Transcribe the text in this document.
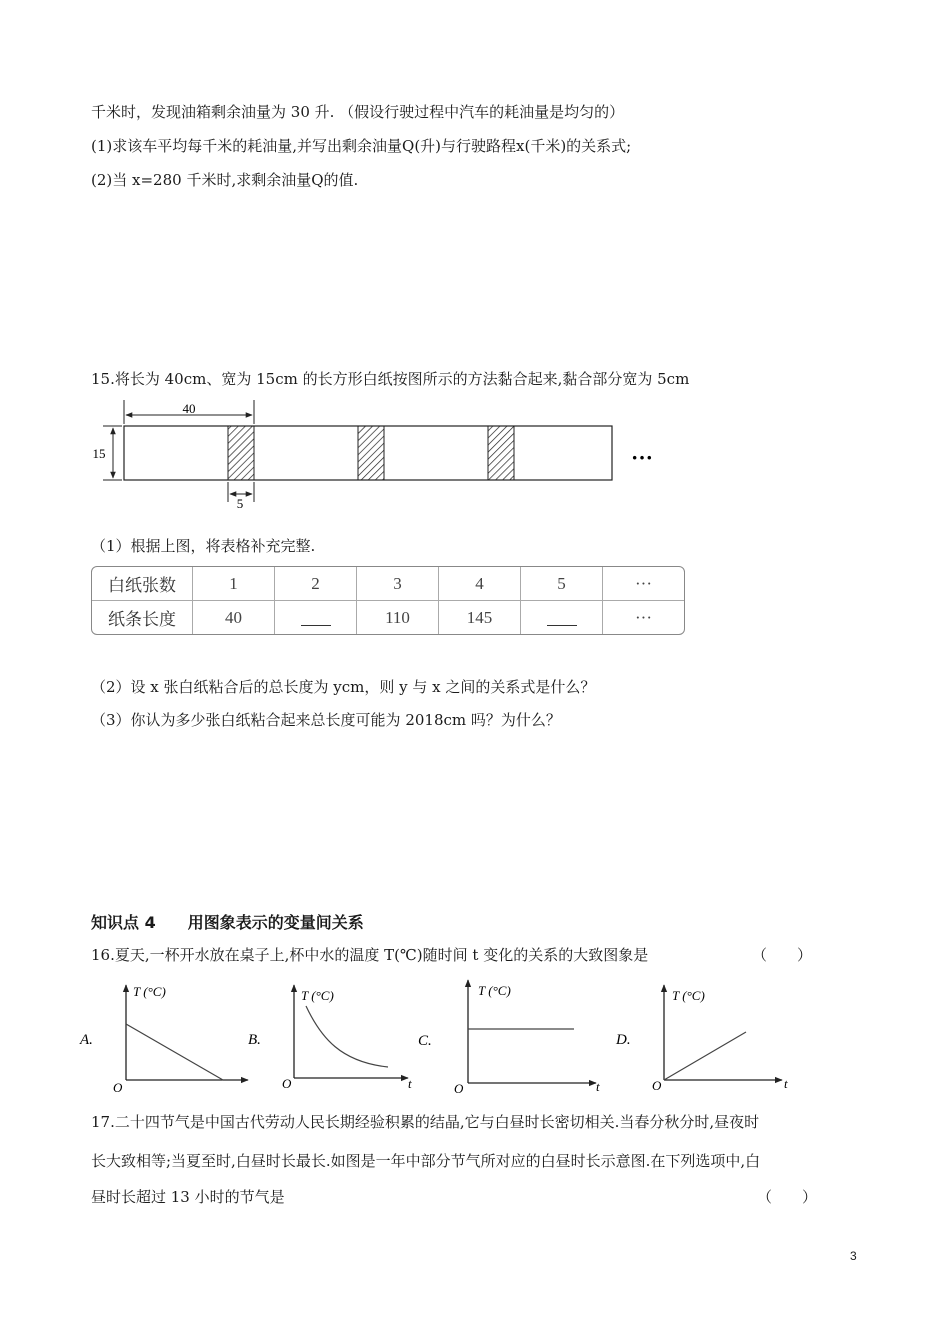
千米时，发现油箱剩余油量为 30 升. （假设行驶过程中汽车的耗油量是均匀的）
(1)求该车平均每千米的耗油量,并写出剩余油量Q(升)与行驶路程x(千米)的关系式;
(2)当 x=280 千米时,求剩余油量Q的值.
15.将长为 40cm、宽为 15cm 的长方形白纸按图所示的方法黏合起来,黏合部分宽为 5cm
40
15
5
···
（1）根据上图，将表格补充完整.
白纸张数	1	2	3	4	5	···
纸条长度	40		110	145		···
（2）设 x 张白纸粘合后的总长度为 ycm，则 y 与 x 之间的关系式是什么？
（3）你认为多少张白纸粘合起来总长度可能为 2018cm 吗？为什么？
知识点 4　　用图象表示的变量间关系
16.夏天,一杯开水放在桌子上,杯中水的温度 T(℃)随时间 t 变化的关系的大致图象是	（　　）
A.
T (°C)
O
B.
T (°C)
O	t
C.
T (°C)
O	t
D.
T (°C)
O	t
17.二十四节气是中国古代劳动人民长期经验积累的结晶,它与白昼时长密切相关.当春分秋分时,昼夜时
长大致相等;当夏至时,白昼时长最长.如图是一年中部分节气所对应的白昼时长示意图.在下列选项中,白
昼时长超过 13 小时的节气是	（　　）
3
